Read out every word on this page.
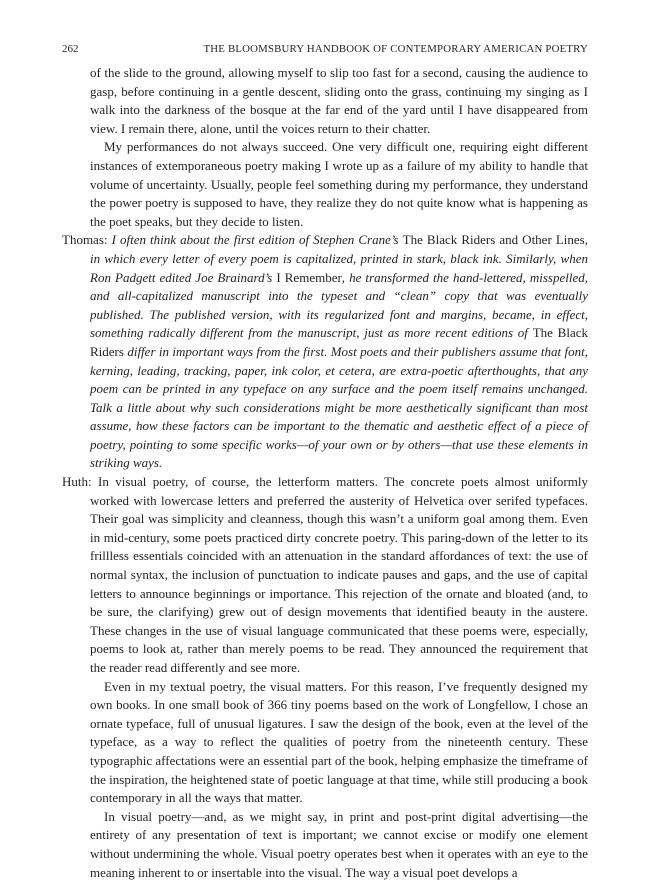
262	THE BLOOMSBURY HANDBOOK OF CONTEMPORARY AMERICAN POETRY

of the slide to the ground, allowing myself to slip too fast for a second, causing the audience to gasp, before continuing in a gentle descent, sliding onto the grass, continuing my singing as I walk into the darkness of the bosque at the far end of the yard until I have disappeared from view. I remain there, alone, until the voices return to their chatter.

My performances do not always succeed. One very difficult one, requiring eight different instances of extemporaneous poetry making I wrote up as a failure of my ability to handle that volume of uncertainty. Usually, people feel something during my performance, they understand the power poetry is supposed to have, they realize they do not quite know what is happening as the poet speaks, but they decide to listen.

Thomas: I often think about the first edition of Stephen Crane’s The Black Riders and Other Lines, in which every letter of every poem is capitalized, printed in stark, black ink. Similarly, when Ron Padgett edited Joe Brainard’s I Remember, he transformed the hand-lettered, misspelled, and all-capitalized manuscript into the typeset and “clean” copy that was eventually published. The published version, with its regularized font and margins, became, in effect, something radically different from the manuscript, just as more recent editions of The Black Riders differ in important ways from the first. Most poets and their publishers assume that font, kerning, leading, tracking, paper, ink color, et cetera, are extra-poetic afterthoughts, that any poem can be printed in any typeface on any surface and the poem itself remains unchanged. Talk a little about why such considerations might be more aesthetically significant than most assume, how these factors can be important to the thematic and aesthetic effect of a piece of poetry, pointing to some specific works—of your own or by others—that use these elements in striking ways.

Huth: In visual poetry, of course, the letterform matters. The concrete poets almost uniformly worked with lowercase letters and preferred the austerity of Helvetica over serifed typefaces. Their goal was simplicity and cleanness, though this wasn’t a uniform goal among them. Even in mid-century, some poets practiced dirty concrete poetry. This paring-down of the letter to its frillless essentials coincided with an attenuation in the standard affordances of text: the use of normal syntax, the inclusion of punctuation to indicate pauses and gaps, and the use of capital letters to announce beginnings or importance. This rejection of the ornate and bloated (and, to be sure, the clarifying) grew out of design movements that identified beauty in the austere. These changes in the use of visual language communicated that these poems were, especially, poems to look at, rather than merely poems to be read. They announced the requirement that the reader read differently and see more.

Even in my textual poetry, the visual matters. For this reason, I’ve frequently designed my own books. In one small book of 366 tiny poems based on the work of Longfellow, I chose an ornate typeface, full of unusual ligatures. I saw the design of the book, even at the level of the typeface, as a way to reflect the qualities of poetry from the nineteenth century. These typographic affectations were an essential part of the book, helping emphasize the timeframe of the inspiration, the heightened state of poetic language at that time, while still producing a book contemporary in all the ways that matter.

In visual poetry—and, as we might say, in print and post-print digital advertising—the entirety of any presentation of text is important; we cannot excise or modify one element without undermining the whole. Visual poetry operates best when it operates with an eye to the meaning inherent to or insertable into the visual. The way a visual poet develops a
